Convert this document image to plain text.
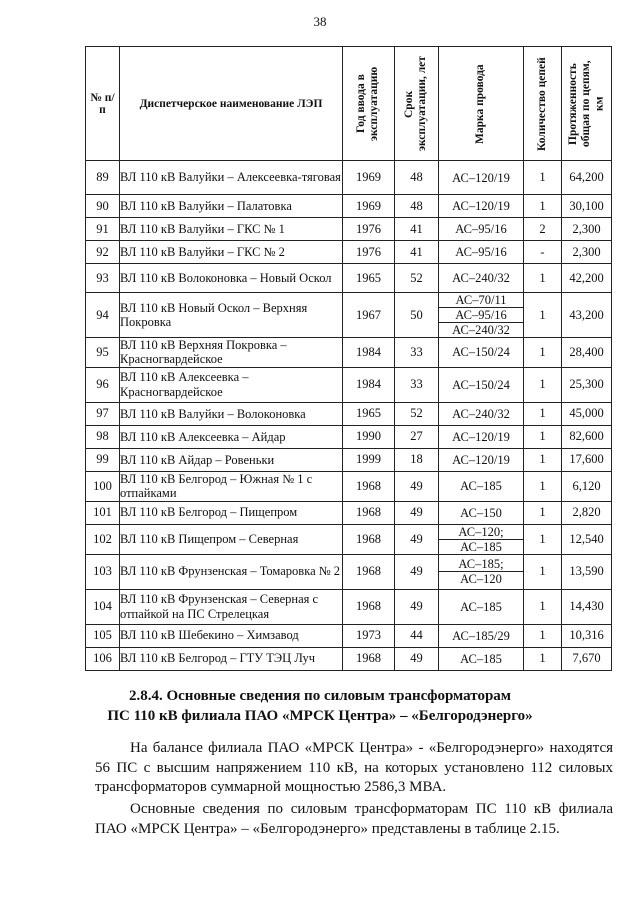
38
№ п/п	Диспетчерское наименование ЛЭП	Год ввода в эксплуатацию	Срок эксплуатации, лет	Марка провода	Количество цепей	Протяженность общая по цепям, км

89	ВЛ 110 кВ Валуйки – Алексеевка-тяговая	1969	48	АС–120/19	1	64,200
90	ВЛ 110 кВ Валуйки – Палатовка	1969	48	АС–120/19	1	30,100
91	ВЛ 110 кВ Валуйки – ГКС № 1	1976	41	АС–95/16	2	2,300
92	ВЛ 110 кВ Валуйки – ГКС № 2	1976	41	АС–95/16	-	2,300
93	ВЛ 110 кВ Волоконовка – Новый Оскол	1965	52	АС–240/32	1	42,200
94	ВЛ 110 кВ Новый Оскол – Верхняя Покровка	1967	50	АС–70/11
АС–95/16
АС–240/32	1	43,200
95	ВЛ 110 кВ Верхняя Покровка – Красногвардейское	1984	33	АС–150/24	1	28,400
96	ВЛ 110 кВ Алексеевка – Красногвардейское	1984	33	АС–150/24	1	25,300
97	ВЛ 110 кВ Валуйки – Волоконовка	1965	52	АС–240/32	1	45,000
98	ВЛ 110 кВ Алексеевка – Айдар	1990	27	АС–120/19	1	82,600
99	ВЛ 110 кВ Айдар – Ровеньки	1999	18	АС–120/19	1	17,600
100	ВЛ 110 кВ Белгород – Южная № 1 с отпайками	1968	49	АС–185	1	6,120
101	ВЛ 110 кВ Белгород – Пищепром	1968	49	АС–150	1	2,820
102	ВЛ 110 кВ Пищепром – Северная	1968	49	АС–120;
АС–185	1	12,540
103	ВЛ 110 кВ Фрунзенская – Томаровка № 2	1968	49	АС–185;
АС–120	1	13,590
104	ВЛ 110 кВ Фрунзенская – Северная с отпайкой на ПС Стрелецкая	1968	49	АС–185	1	14,430
105	ВЛ 110 кВ Шебекино – Химзавод	1973	44	АС–185/29	1	10,316
106	ВЛ 110 кВ Белгород – ГТУ ТЭЦ Луч	1968	49	АС–185	1	7,670
2.8.4. Основные сведения по силовым трансформаторам
ПС 110 кВ филиала ПАО «МРСК Центра» – «Белгородэнерго»
На балансе филиала ПАО «МРСК Центра» - «Белгородэнерго» находятся 56 ПС с высшим напряжением 110 кВ, на которых установлено 112 силовых трансформаторов суммарной мощностью 2586,3 МВА.
Основные сведения по силовым трансформаторам ПС 110 кВ филиала ПАО «МРСК Центра» – «Белгородэнерго» представлены в таблице 2.15.
